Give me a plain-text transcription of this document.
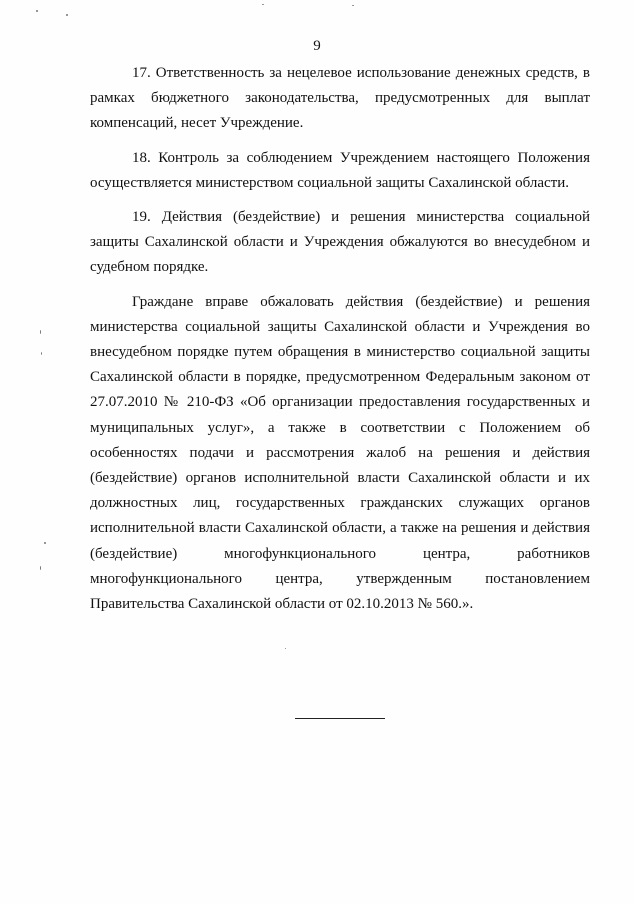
9

17. Ответственность за нецелевое использование денежных средств, в рамках бюджетного законодательства, предусмотренных для выплат компенсаций, несет Учреждение.

18. Контроль за соблюдением Учреждением настоящего Положения осуществляется министерством социальной защиты Сахалинской области.

19. Действия (бездействие) и решения министерства социальной защиты Сахалинской области и Учреждения обжалуются во внесудебном и судебном порядке.

Граждане вправе обжаловать действия (бездействие) и решения министерства социальной защиты Сахалинской области и Учреждения во внесудебном порядке путем обращения в министерство социальной защиты Сахалинской области в порядке, предусмотренном Федеральным законом от 27.07.2010 № 210-ФЗ «Об организации предоставления государственных и муниципальных услуг», а также в соответствии с Положением об особенностях подачи и рассмотрения жалоб на решения и действия (бездействие) органов исполнительной власти Сахалинской области и их должностных лиц, государственных гражданских служащих органов исполнительной власти Сахалинской области, а также на решения и действия (бездействие) многофункционального центра, работников многофункционального центра, утвержденным постановлением Правительства Сахалинской области от 02.10.2013 № 560.».
